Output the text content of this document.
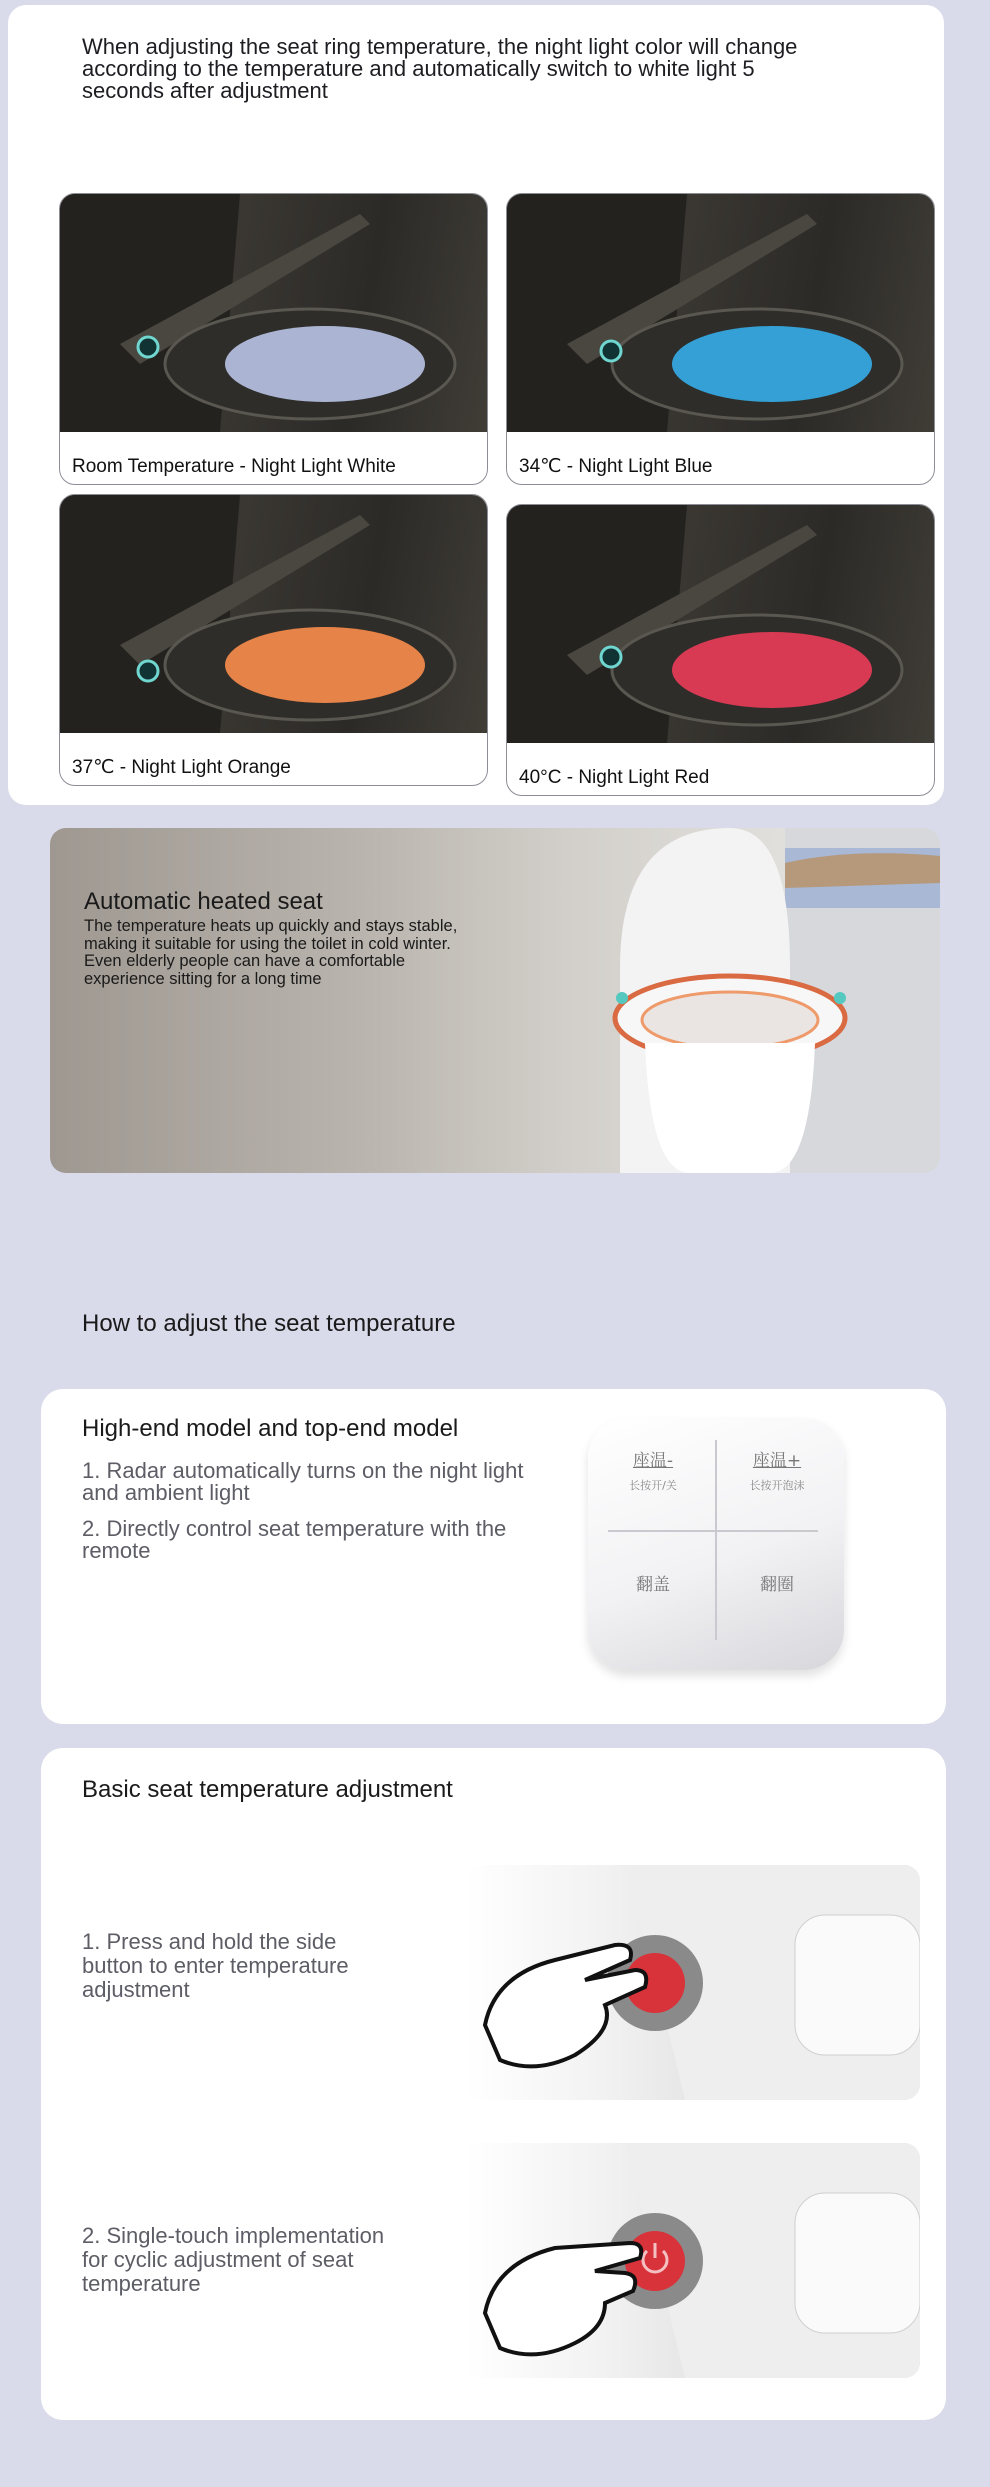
When adjusting the seat ring temperature, the night light color will change according to the temperature and automatically switch to white light 5 seconds after adjustment
Room Temperature - Night Light White	34℃ - Night Light Blue
37℃ - Night Light Orange	40°C - Night Light Red
Automatic heated seat
The temperature heats up quickly and stays stable, making it suitable for using the toilet in cold winter. Even elderly people can have a comfortable experience sitting for a long time
How to adjust the seat temperature
High-end model and top-end model
1. Radar automatically turns on the night light and ambient light
2. Directly control seat temperature with the remote
座温-
长按开/关
座温+
长按开泡沫
翻盖	翻圈
Basic seat temperature adjustment
1. Press and hold the side button to enter temperature adjustment
2. Single-touch implementation for cyclic adjustment of seat temperature
